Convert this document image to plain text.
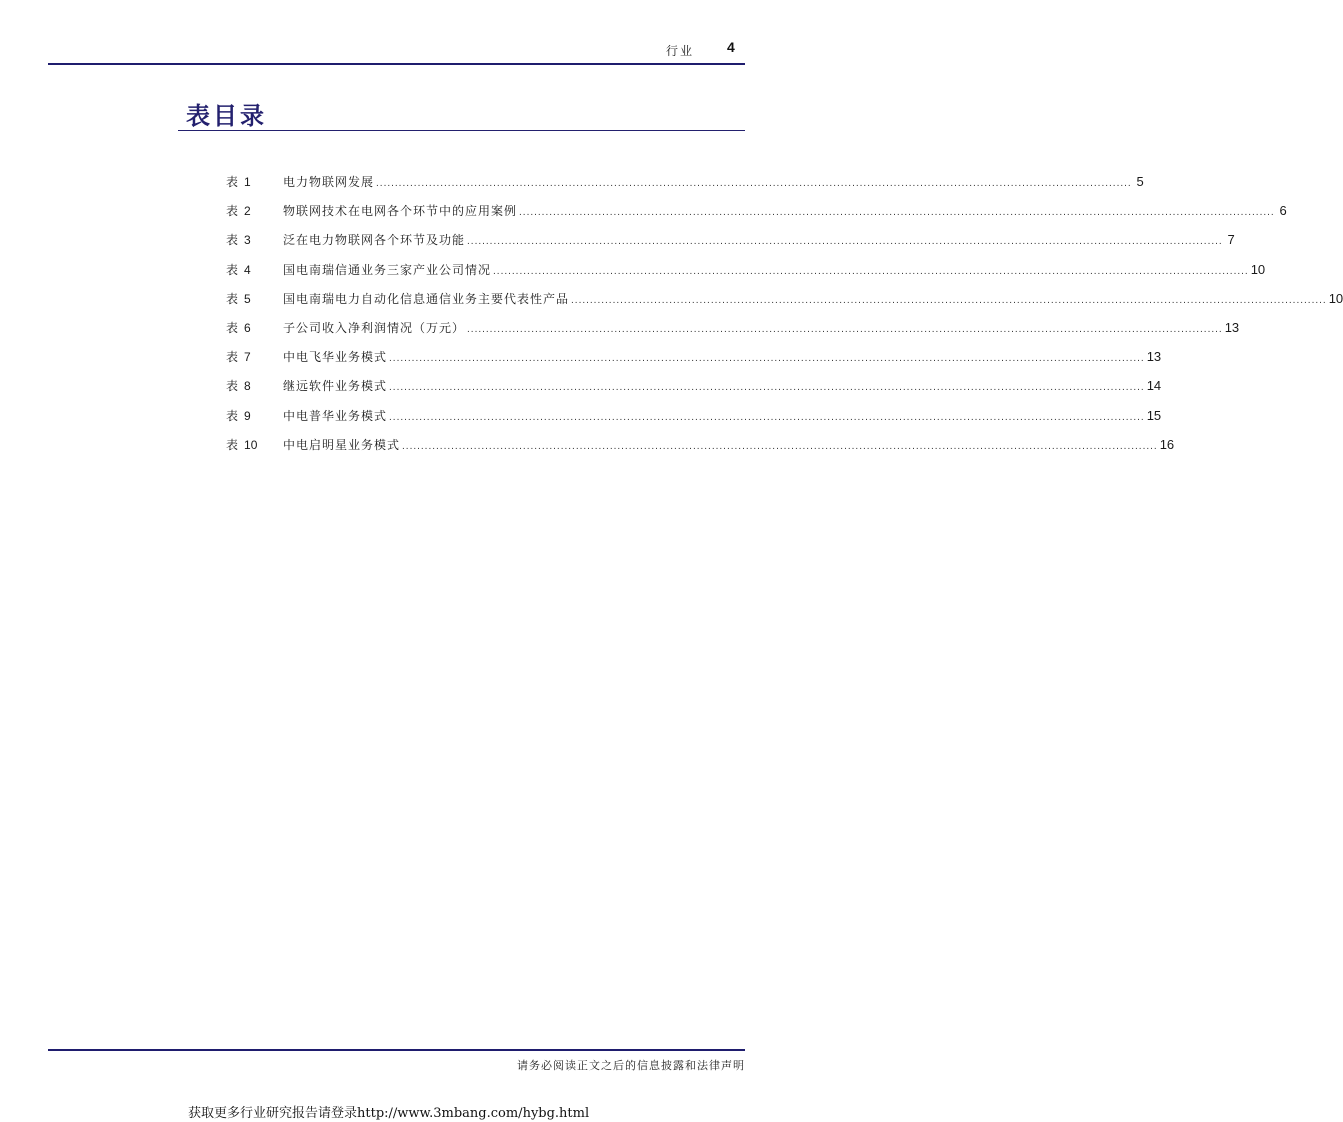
行业 4
表目录
表 1	电力物联网发展 ........................................................................................................................................................................................................ 5
表 2	物联网技术在电网各个环节中的应用案例 ........................................................................................................................................................................................................ 6
表 3	泛在电力物联网各个环节及功能 ........................................................................................................................................................................................................ 7
表 4	国电南瑞信通业务三家产业公司情况 ........................................................................................................................................................................................................ 10
表 5	国电南瑞电力自动化信息通信业务主要代表性产品 ........................................................................................................................................................................................................ 10
表 6	子公司收入净利润情况（万元） ........................................................................................................................................................................................................ 13
表 7	中电飞华业务模式 ........................................................................................................................................................................................................ 13
表 8	继远软件业务模式 ........................................................................................................................................................................................................ 14
表 9	中电普华业务模式 ........................................................................................................................................................................................................ 15
表 10	中电启明星业务模式 ........................................................................................................................................................................................................ 16
请务必阅读正文之后的信息披露和法律声明
获取更多行业研究报告请登录http://www.3mbang.com/hybg.html
